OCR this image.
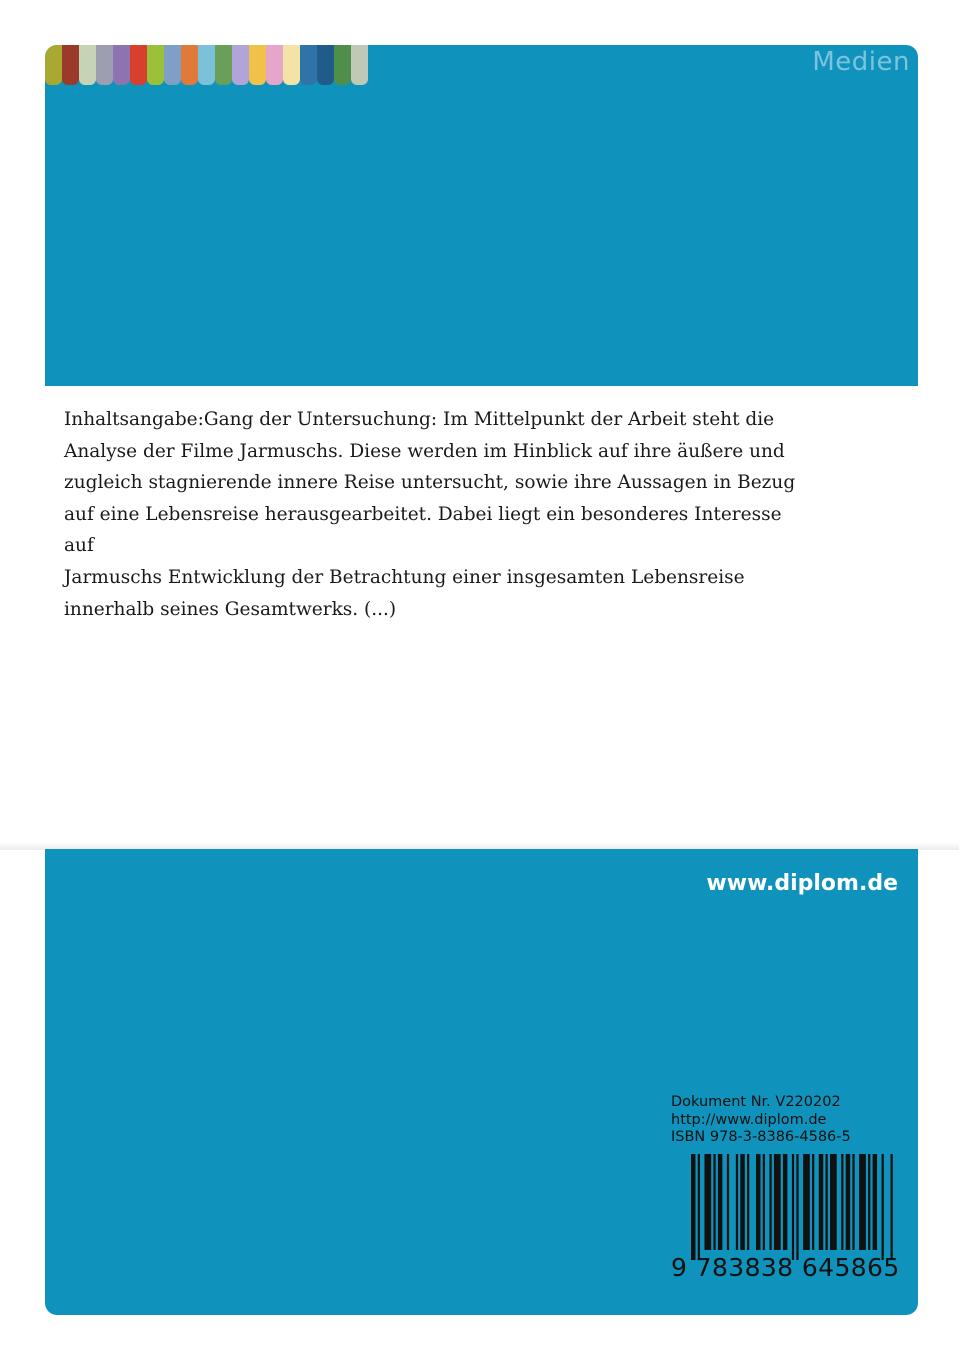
Medien
Inhaltsangabe:Gang der Untersuchung: Im Mittelpunkt der Arbeit steht die
Analyse der Filme Jarmuschs. Diese werden im Hinblick auf ihre äußere und
zugleich stagnierende innere Reise untersucht, sowie ihre Aussagen in Bezug
auf eine Lebensreise herausgearbeitet. Dabei liegt ein besonderes Interesse auf
Jarmuschs Entwicklung der Betrachtung einer insgesamten Lebensreise
innerhalb seines Gesamtwerks. (...)
www.diplom.de
Dokument Nr. V220202
http://www.diplom.de
ISBN 978-3-8386-4586-5
9 783838 645865
